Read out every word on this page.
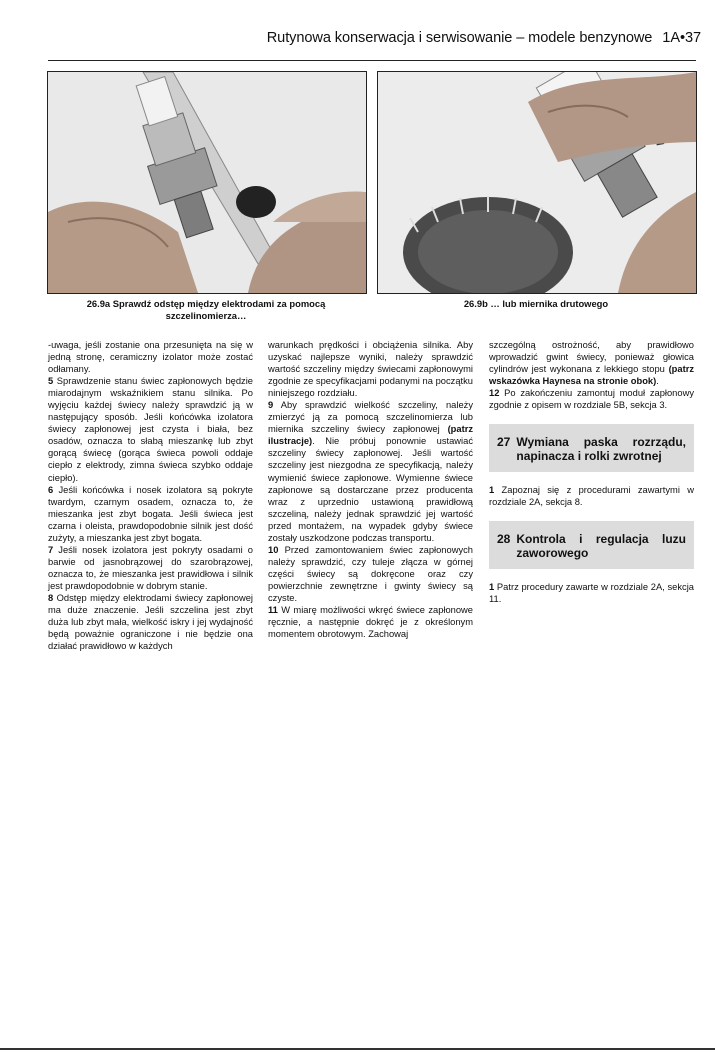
Rutynowa konserwacja i serwisowanie – modele benzynowe 1A•37
26.9a Sprawdź odstęp między elektrodami za pomocą szczelinomierza…
26.9b … lub miernika drutowego

-uwaga, jeśli zostanie ona przesunięta na się w jedną stronę, ceramiczny izolator może zostać odłamany.

5 Sprawdzenie stanu świec zapłonowych będzie miarodajnym wskaźnikiem stanu silnika. Po wyjęciu każdej świecy należy sprawdzić ją w następujący sposób. Jeśli końcówka izolatora świecy zapłonowej jest czysta i biała, bez osadów, oznacza to słabą mieszankę lub zbyt gorącą świecę (gorąca świeca powoli oddaje ciepło z elektrody, zimna świeca szybko oddaje ciepło).

6 Jeśli końcówka i nosek izolatora są pokryte twardym, czarnym osadem, oznacza to, że mieszanka jest zbyt bogata. Jeśli świeca jest czarna i oleista, prawdopodobnie silnik jest dość zużyty, a mieszanka jest zbyt bogata.

7 Jeśli nosek izolatora jest pokryty osadami o barwie od jasnobrązowej do szarobrązowej, oznacza to, że mieszanka jest prawidłowa i silnik jest prawdopodobnie w dobrym stanie.

8 Odstęp między elektrodami świecy zapłonowej ma duże znaczenie. Jeśli szczelina jest zbyt duża lub zbyt mała, wielkość iskry i jej wydajność będą poważnie ograniczone i nie będzie ona działać prawidłowo w każdych

warunkach prędkości i obciążenia silnika. Aby uzyskać najlepsze wyniki, należy sprawdzić wartość szczeliny między świecami zapłonowymi zgodnie ze specyfikacjami podanymi na początku niniejszego rozdziału.

9 Aby sprawdzić wielkość szczeliny, należy zmierzyć ją za pomocą szczelinomierza lub miernika szczeliny świecy zapłonowej (patrz ilustracje). Nie próbuj ponownie ustawiać szczeliny świecy zapłonowej. Jeśli wartość szczeliny jest niezgodna ze specyfikacją, należy wymienić świece zapłonowe. Wymienne świece zapłonowe są dostarczane przez producenta wraz z uprzednio ustawioną prawidłową szczeliną, należy jednak sprawdzić jej wartość przed montażem, na wypadek gdyby świece zostały uszkodzone podczas transportu.

10 Przed zamontowaniem świec zapłonowych należy sprawdzić, czy tuleje złącza w górnej części świecy są dokręcone oraz czy powierzchnie zewnętrzne i gwinty świecy są czyste.

11 W miarę możliwości wkręć świece zapłonowe ręcznie, a następnie dokręć je z określonym momentem obrotowym. Zachowaj

szczególną ostrożność, aby prawidłowo wprowadzić gwint świecy, ponieważ głowica cylindrów jest wykonana z lekkiego stopu (patrz wskazówka Haynesa na stronie obok).

12 Po zakończeniu zamontuj moduł zapłonowy zgodnie z opisem w rozdziale 5B, sekcja 3.

27 Wymiana paska rozrządu, napinacza i rolki zwrotnej

1 Zapoznaj się z procedurami zawartymi w rozdziale 2A, sekcja 8.

28 Kontrola i regulacja luzu zaworowego

1 Patrz procedury zawarte w rozdziale 2A, sekcja 11.
